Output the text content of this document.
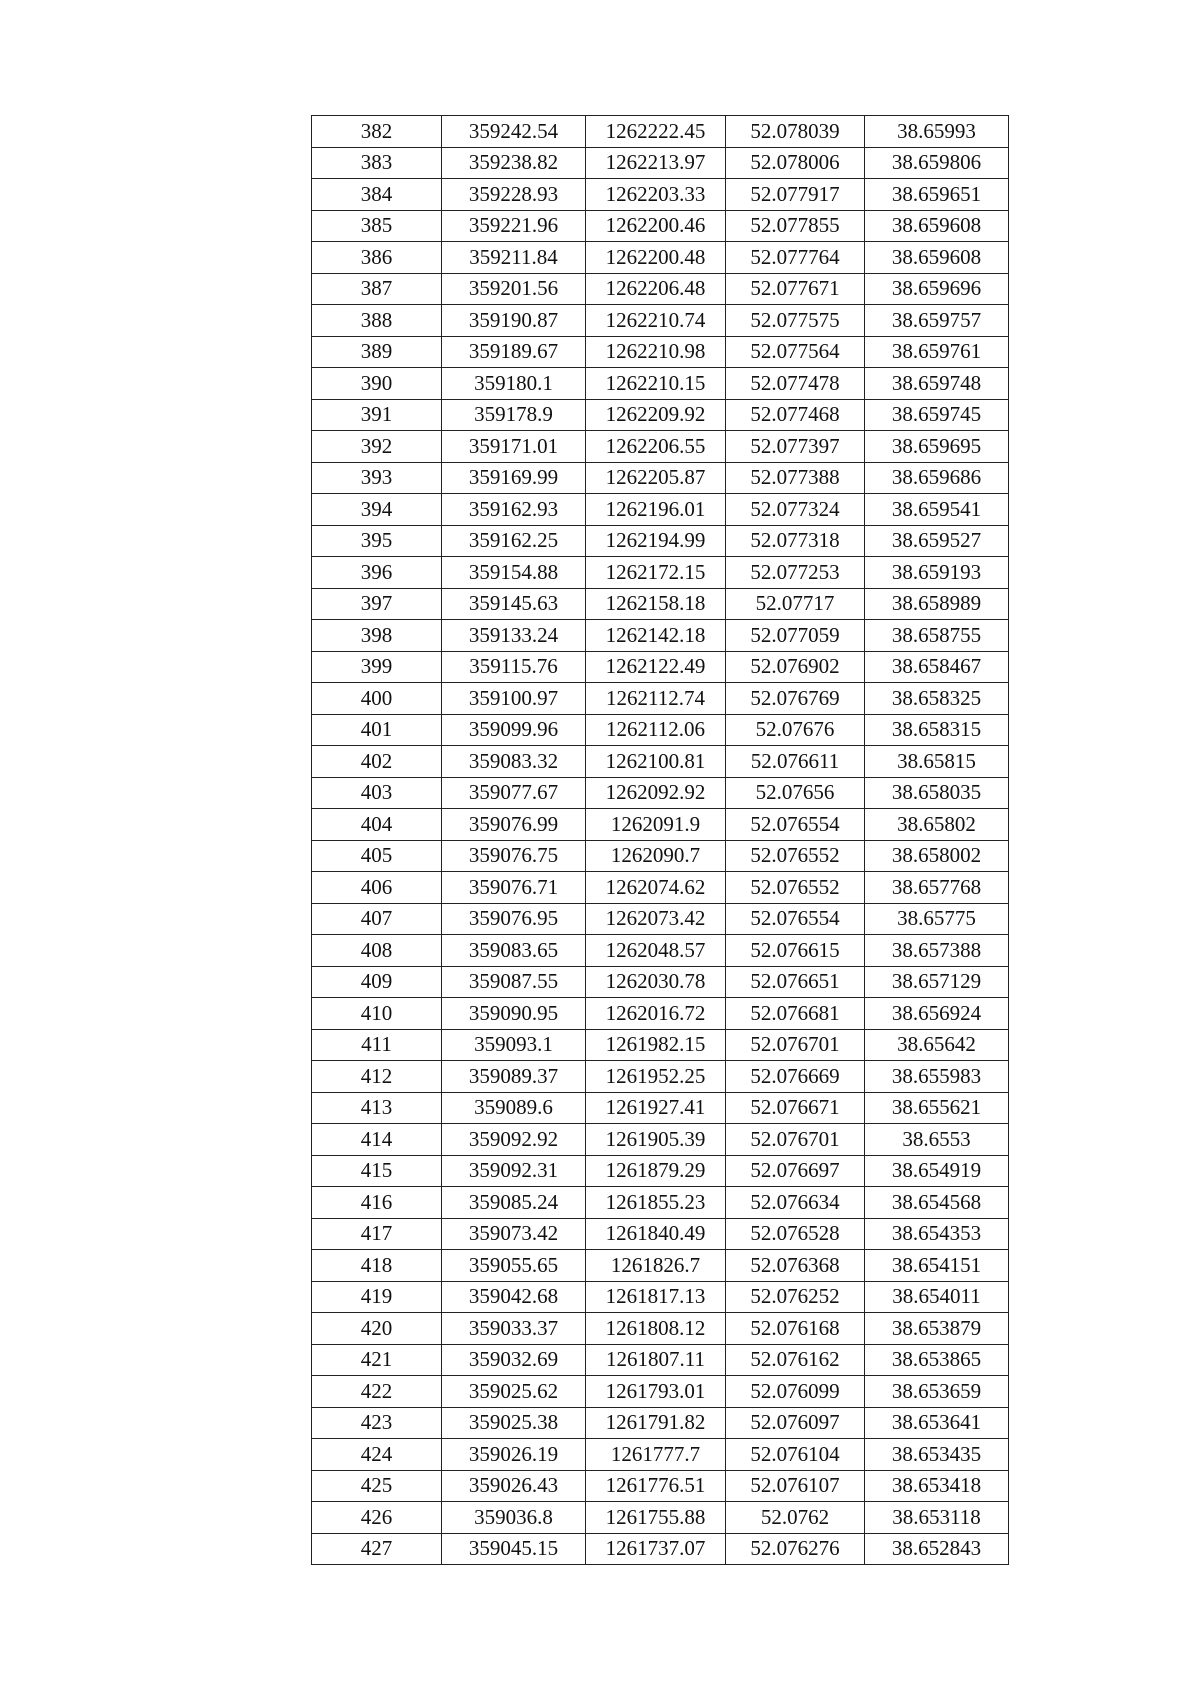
382	359242.54	1262222.45	52.078039	38.65993
383	359238.82	1262213.97	52.078006	38.659806
384	359228.93	1262203.33	52.077917	38.659651
385	359221.96	1262200.46	52.077855	38.659608
386	359211.84	1262200.48	52.077764	38.659608
387	359201.56	1262206.48	52.077671	38.659696
388	359190.87	1262210.74	52.077575	38.659757
389	359189.67	1262210.98	52.077564	38.659761
390	359180.1	1262210.15	52.077478	38.659748
391	359178.9	1262209.92	52.077468	38.659745
392	359171.01	1262206.55	52.077397	38.659695
393	359169.99	1262205.87	52.077388	38.659686
394	359162.93	1262196.01	52.077324	38.659541
395	359162.25	1262194.99	52.077318	38.659527
396	359154.88	1262172.15	52.077253	38.659193
397	359145.63	1262158.18	52.07717	38.658989
398	359133.24	1262142.18	52.077059	38.658755
399	359115.76	1262122.49	52.076902	38.658467
400	359100.97	1262112.74	52.076769	38.658325
401	359099.96	1262112.06	52.07676	38.658315
402	359083.32	1262100.81	52.076611	38.65815
403	359077.67	1262092.92	52.07656	38.658035
404	359076.99	1262091.9	52.076554	38.65802
405	359076.75	1262090.7	52.076552	38.658002
406	359076.71	1262074.62	52.076552	38.657768
407	359076.95	1262073.42	52.076554	38.65775
408	359083.65	1262048.57	52.076615	38.657388
409	359087.55	1262030.78	52.076651	38.657129
410	359090.95	1262016.72	52.076681	38.656924
411	359093.1	1261982.15	52.076701	38.65642
412	359089.37	1261952.25	52.076669	38.655983
413	359089.6	1261927.41	52.076671	38.655621
414	359092.92	1261905.39	52.076701	38.6553
415	359092.31	1261879.29	52.076697	38.654919
416	359085.24	1261855.23	52.076634	38.654568
417	359073.42	1261840.49	52.076528	38.654353
418	359055.65	1261826.7	52.076368	38.654151
419	359042.68	1261817.13	52.076252	38.654011
420	359033.37	1261808.12	52.076168	38.653879
421	359032.69	1261807.11	52.076162	38.653865
422	359025.62	1261793.01	52.076099	38.653659
423	359025.38	1261791.82	52.076097	38.653641
424	359026.19	1261777.7	52.076104	38.653435
425	359026.43	1261776.51	52.076107	38.653418
426	359036.8	1261755.88	52.0762	38.653118
427	359045.15	1261737.07	52.076276	38.652843
